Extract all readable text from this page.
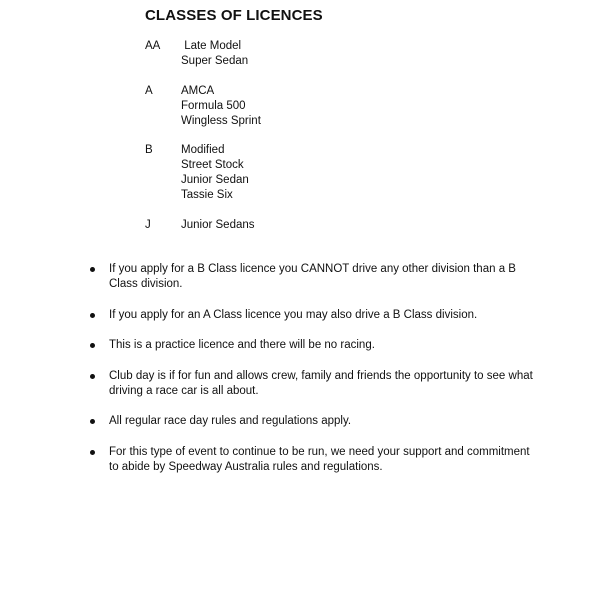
CLASSES OF LICENCES
AA	Late Model
Super Sedan
A	AMCA
Formula 500
Wingless Sprint
B	Modified
Street Stock
Junior Sedan
Tassie Six
J	Junior Sedans
If you apply for a B Class licence you CANNOT drive any other division than a B Class division.
If you apply for an A Class licence you may also drive a B Class division.
This is a practice licence and there will be no racing.
Club day is if for fun and allows crew, family and friends the opportunity to see what driving a race car is all about.
All regular race day rules and regulations apply.
For this type of event to continue to be run, we need your support and commitment to abide by Speedway Australia rules and regulations.
